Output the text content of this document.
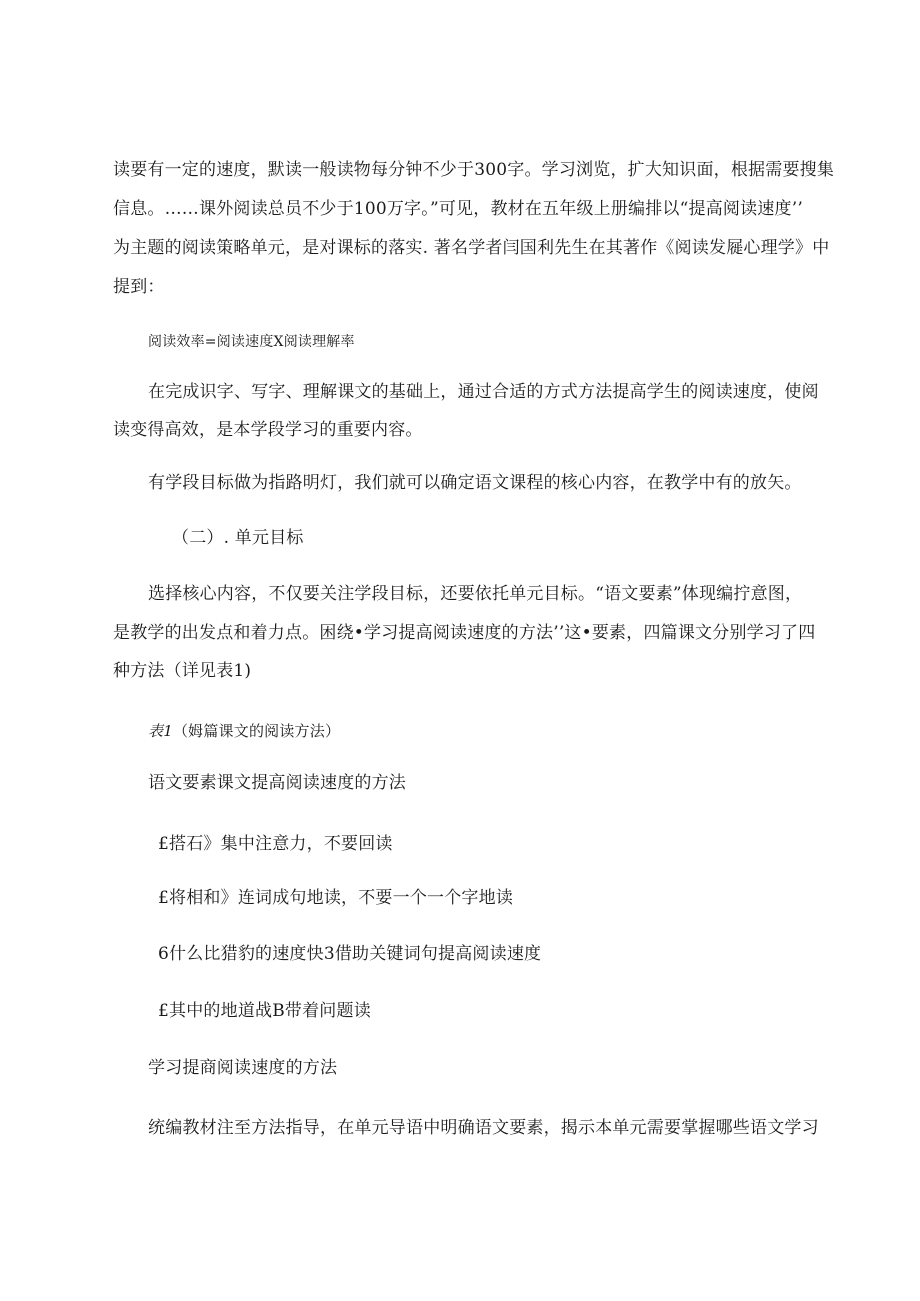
读要有一定的速度，默读一般读物每分钟不少于300字。学习浏览，扩大知识面，根据需要搜集
信息。……课外阅读总员不少于100万字。”可见，教材在五年级上册编排以“提高阅读速度’’
为主题的阅读策略单元，是对课标的落实. 著名学者闫国利先生在其著作《阅读发屣心理学》中
提到：
阅读效率=阅读速度X阅读理解率
在完成识字、写字、理解课文的基础上，通过合适的方式方法提高学生的阅读速度，使阅
读变得高效，是本学段学习的重要内容。
有学段目标做为指路明灯，我们就可以确定语文课程的核心内容，在教学中有的放矢。
（二）. 单元目标
选择核心内容，不仅要关注学段目标，还要依托单元目标。“语文要素”体现编拧意图，
是教学的出发点和着力点。困绕•学习提高阅读速度的方法’’这•要素，四篇课文分别学习了四
种方法（详见表1)
表1（姆篇课文的阅读方法）
语文要素课文提高阅读速度的方法
£搭石》集中注意力，不要回读
£将相和》连词成句地读，不要一个一个字地读
6什么比猎豹的速度快3借助关键词句提高阅读速度
£其中的地道战B带着问题读
学习提商阅读速度的方法
统编教材注至方法指导，在单元导语中明确语文要素，揭示本单元需要掌握哪些语文学习
